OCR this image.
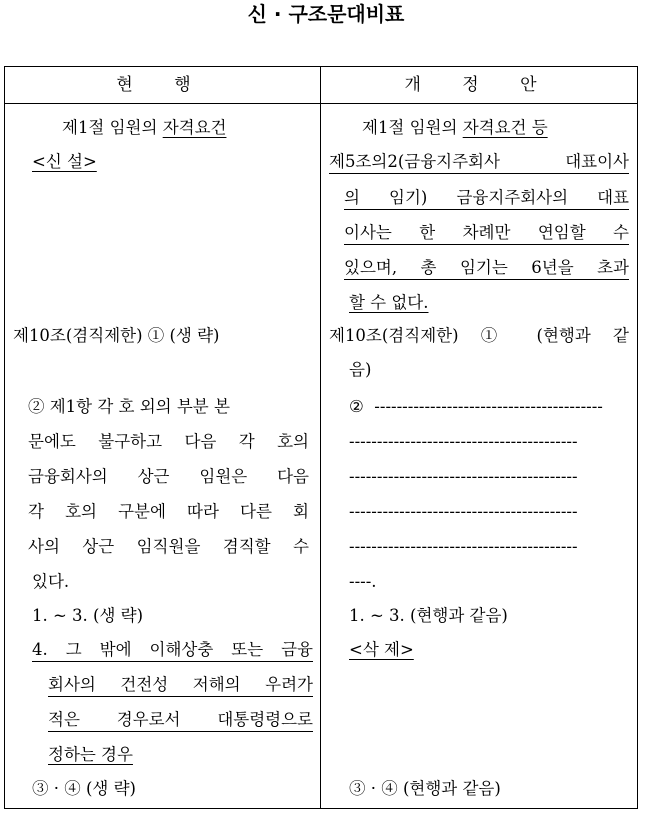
신 · 구조문대비표
현 행	개 정 안
제1절 임원의 자격요건
<신 설>
제10조(겸직제한) ① (생 략)
② 제1항 각 호 외의 부분 본
문에도 불구하고 다음 각 호의
금융회사의 상근 임원은 다음
각 호의 구분에 따라 다른 회
사의 상근 임직원을 겸직할 수
있다.
1. ~ 3. (생 략)
4. 그 밖에 이해상충 또는 금융
회사의 건전성 저해의 우려가
적은 경우로서 대통령령으로
정하는 경우
③ · ④ (생 략)
제1절 임원의 자격요건 등
제5조의2(금융지주회사 대표이사
의 임기) 금융지주회사의 대표
이사는 한 차례만 연임할 수
있으며, 총 임기는 6년을 초과
할 수 없다.
제10조(겸직제한) ① (현행과 같
음)
② -----------------------------------------
-----------------------------------------
-----------------------------------------
-----------------------------------------
-----------------------------------------
----.
1. ~ 3. (현행과 같음)
<삭 제>
③ · ④ (현행과 같음)
